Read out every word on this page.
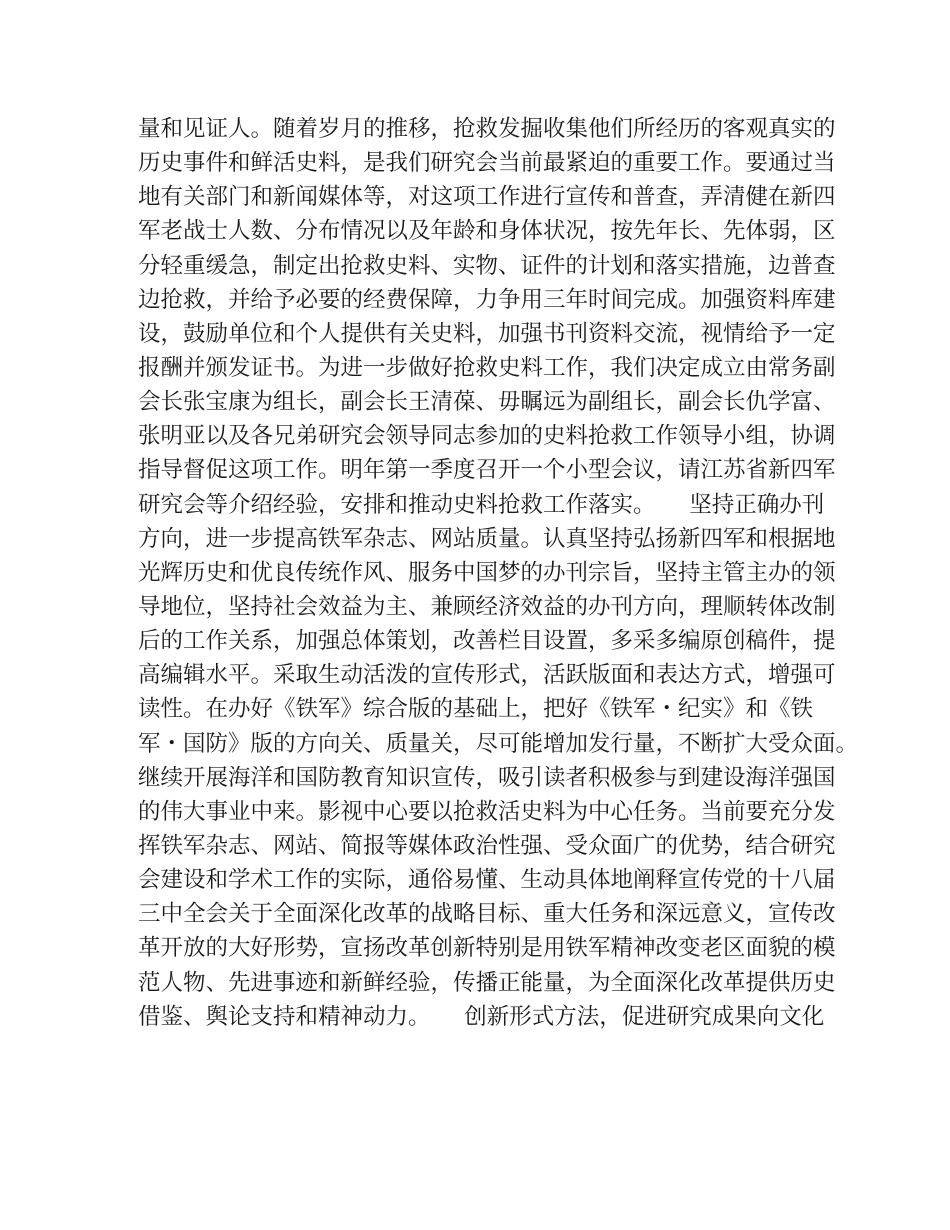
量和见证人。随着岁月的推移，抢救发掘收集他们所经历的客观真实的
历史事件和鲜活史料，是我们研究会当前最紧迫的重要工作。要通过当
地有关部门和新闻媒体等，对这项工作进行宣传和普查，弄清健在新四
军老战士人数、分布情况以及年龄和身体状况，按先年长、先体弱，区
分轻重缓急，制定出抢救史料、实物、证件的计划和落实措施，边普查
边抢救，并给予必要的经费保障，力争用三年时间完成。加强资料库建
设，鼓励单位和个人提供有关史料，加强书刊资料交流，视情给予一定
报酬并颁发证书。为进一步做好抢救史料工作，我们决定成立由常务副
会长张宝康为组长，副会长王清葆、毋瞩远为副组长，副会长仇学富、
张明亚以及各兄弟研究会领导同志参加的史料抢救工作领导小组，协调
指导督促这项工作。明年第一季度召开一个小型会议，请江苏省新四军
研究会等介绍经验，安排和推动史料抢救工作落实。　　坚持正确办刊
方向，进一步提高铁军杂志、网站质量。认真坚持弘扬新四军和根据地
光辉历史和优良传统作风、服务中国梦的办刊宗旨，坚持主管主办的领
导地位，坚持社会效益为主、兼顾经济效益的办刊方向，理顺转体改制
后的工作关系，加强总体策划，改善栏目设置，多采多编原创稿件，提
高编辑水平。采取生动活泼的宣传形式，活跃版面和表达方式，增强可
读性。在办好《铁军》综合版的基础上，把好《铁军・纪实》和《铁
军・国防》版的方向关、质量关，尽可能增加发行量，不断扩大受众面。
继续开展海洋和国防教育知识宣传，吸引读者积极参与到建设海洋强国
的伟大事业中来。影视中心要以抢救活史料为中心任务。当前要充分发
挥铁军杂志、网站、简报等媒体政治性强、受众面广的优势，结合研究
会建设和学术工作的实际，通俗易懂、生动具体地阐释宣传党的十八届
三中全会关于全面深化改革的战略目标、重大任务和深远意义，宣传改
革开放的大好形势，宣扬改革创新特别是用铁军精神改变老区面貌的模
范人物、先进事迹和新鲜经验，传播正能量，为全面深化改革提供历史
借鉴、舆论支持和精神动力。　　创新形式方法，促进研究成果向文化
